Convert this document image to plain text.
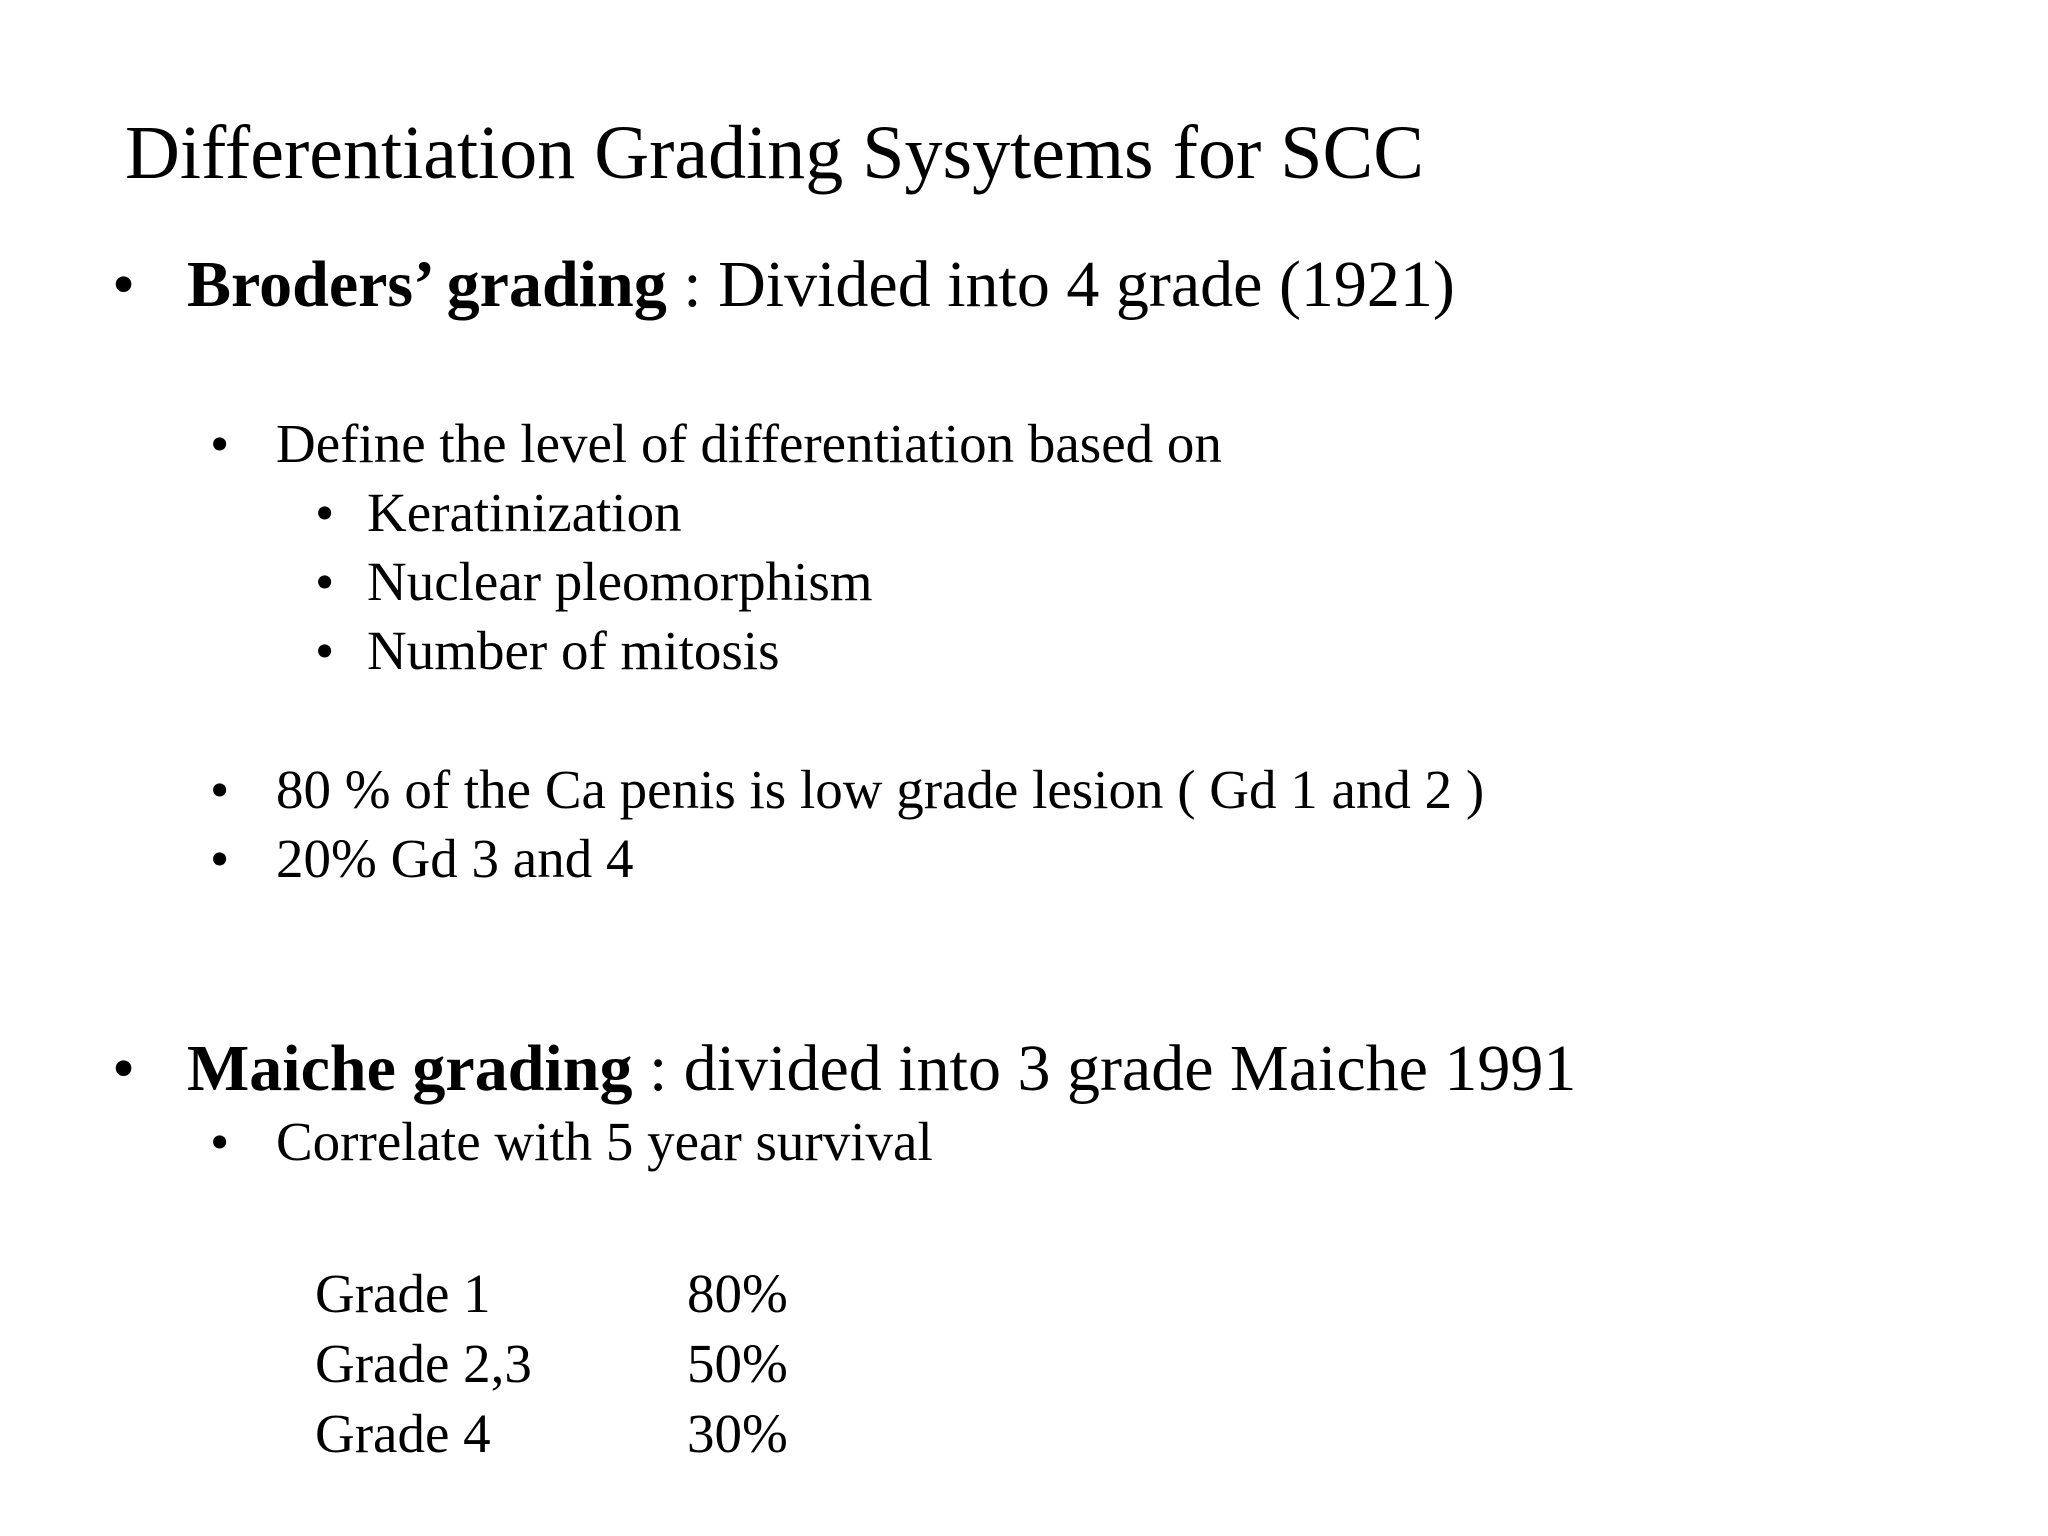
Differentiation Grading Sysytems for SCC
• Broders’ grading : Divided into 4 grade (1921)
• Define the level of differentiation based on
• Keratinization
• Nuclear pleomorphism
• Number of mitosis
• 80 % of the Ca penis is low grade lesion ( Gd 1 and 2 )
• 20% Gd 3 and 4
• Maiche grading : divided into 3 grade Maiche 1991
• Correlate with 5 year survival
Grade 1	80%
Grade 2,3	50%
Grade 4	30%
